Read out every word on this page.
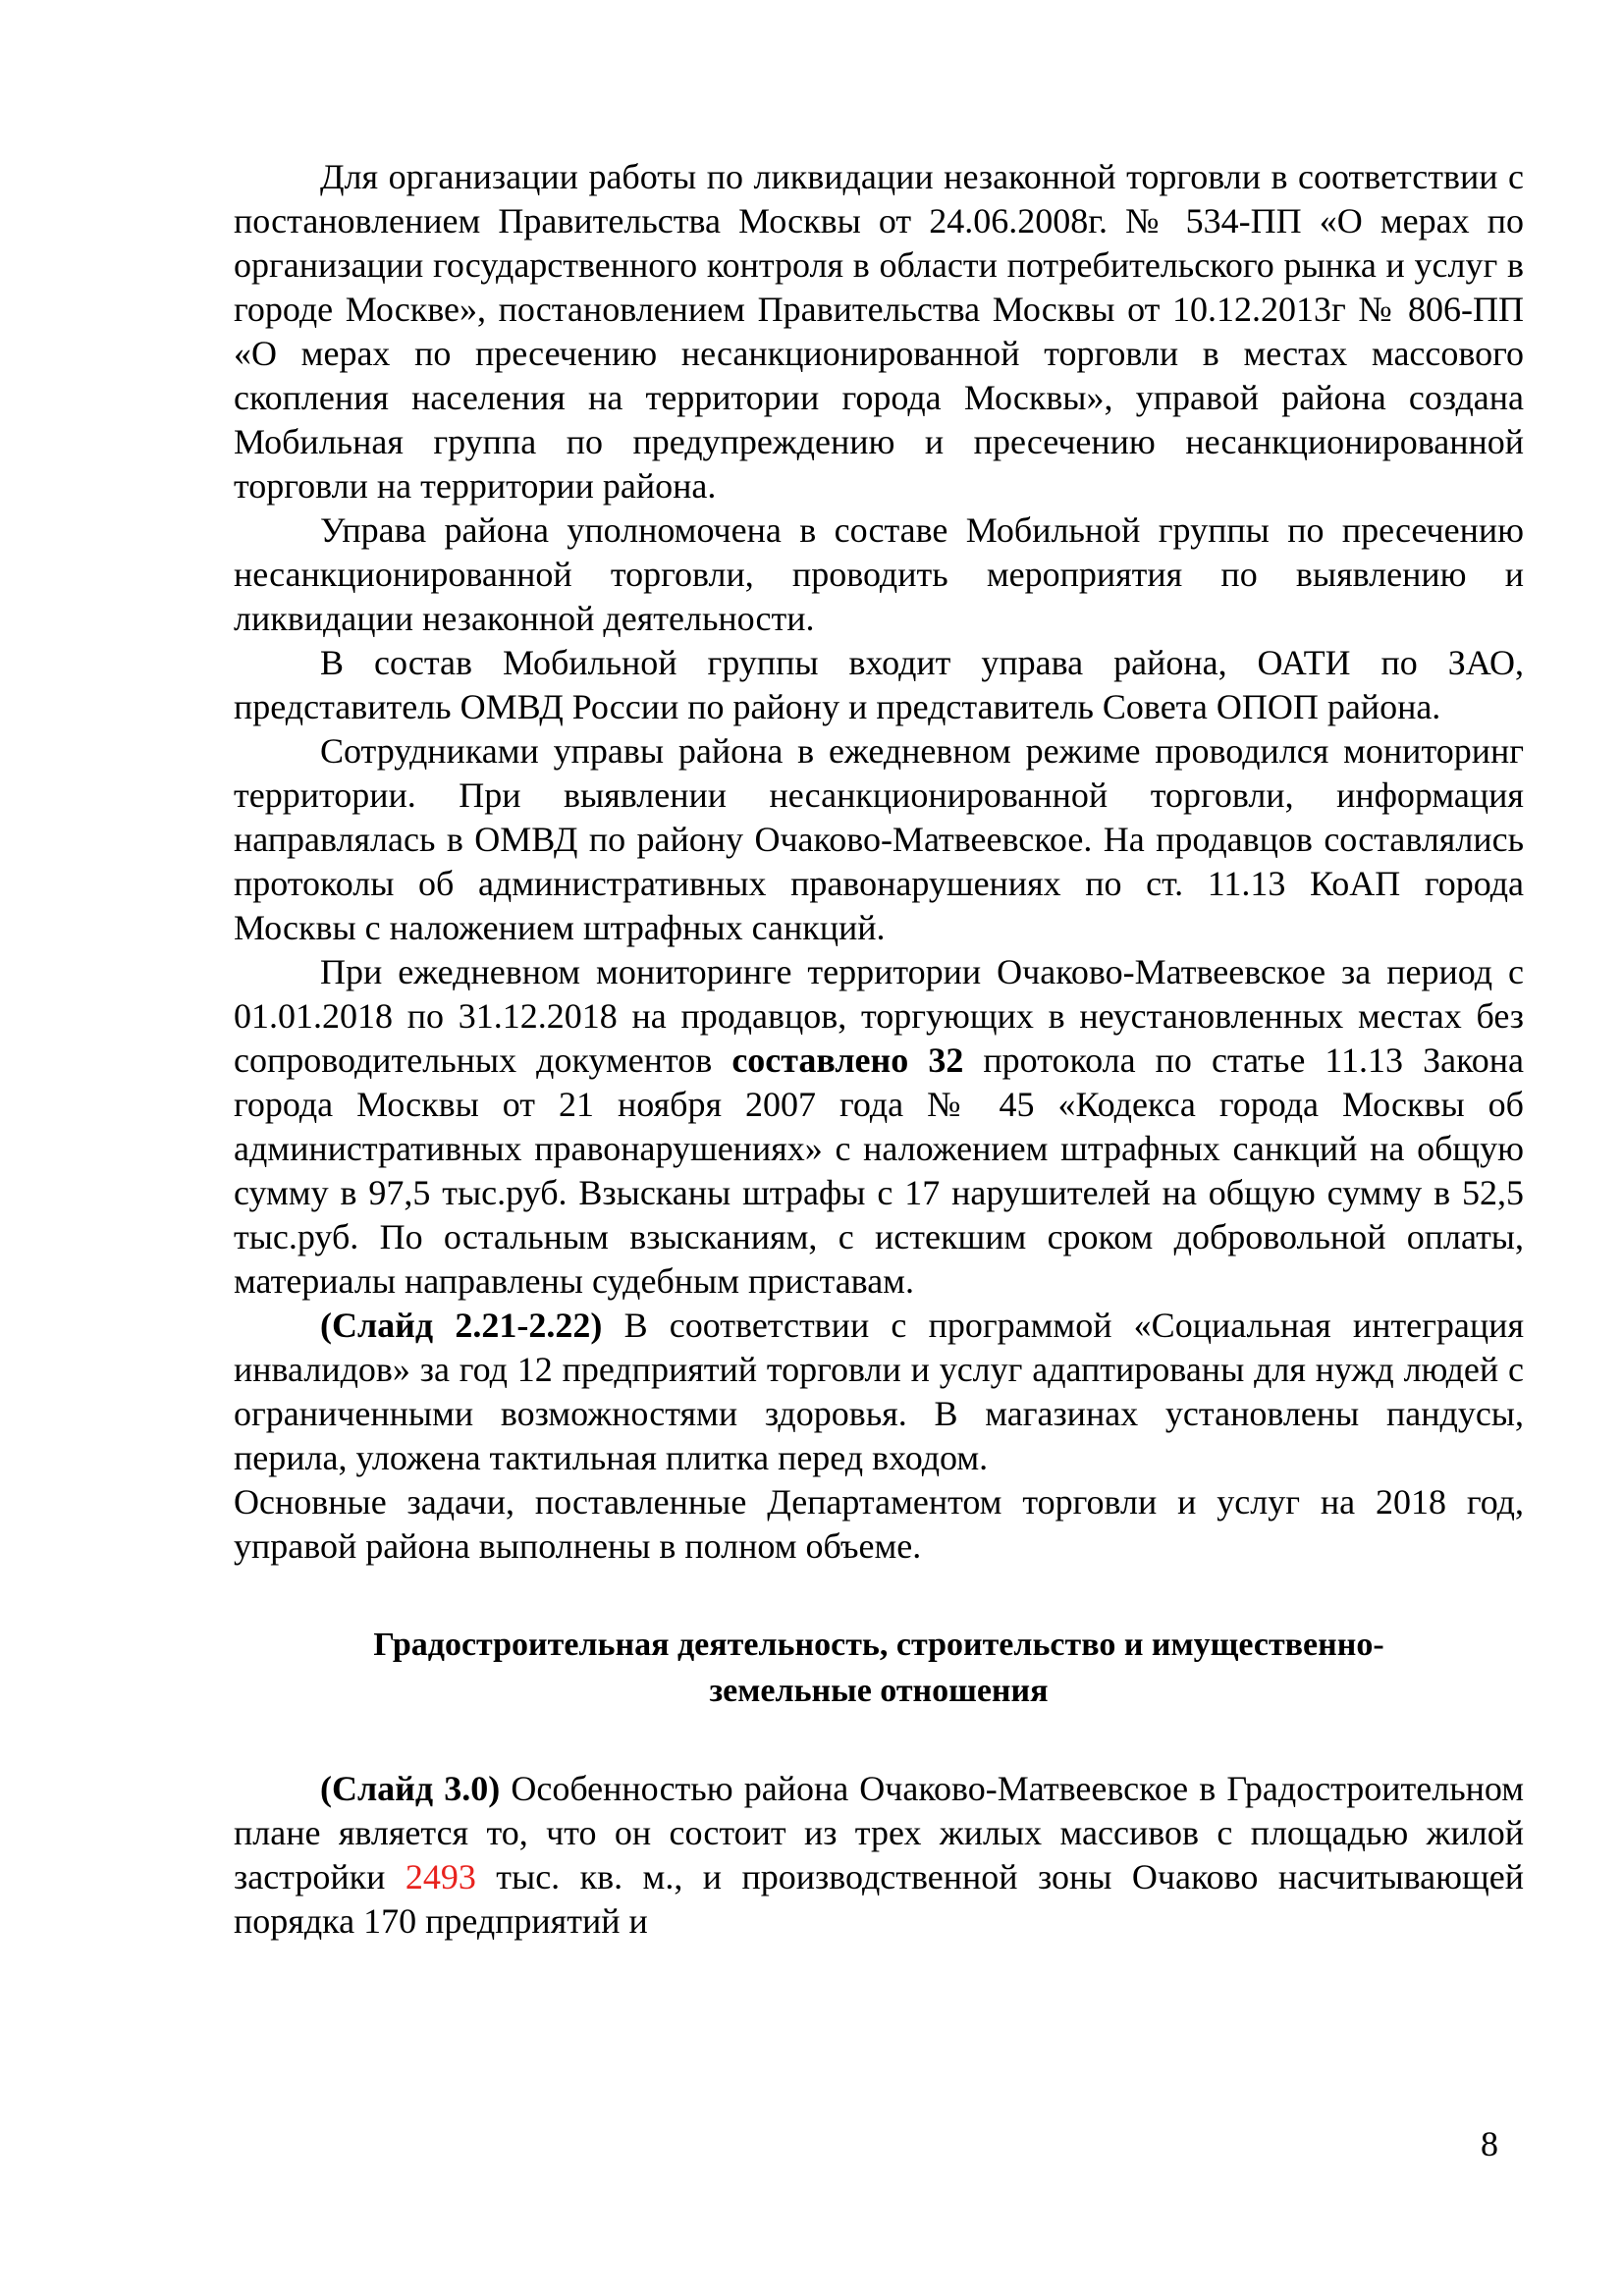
Для организации работы по ликвидации незаконной торговли в соответствии с постановлением Правительства Москвы от 24.06.2008г. № 534-ПП «О мерах по организации государственного контроля в области потребительского рынка и услуг в городе Москве», постановлением Правительства Москвы от 10.12.2013г № 806-ПП «О мерах по пресечению несанкционированной торговли в местах массового скопления населения на территории города Москвы», управой района создана Мобильная группа по предупреждению и пресечению несанкционированной торговли на территории района.

Управа района уполномочена в составе Мобильной группы по пресечению несанкционированной торговли, проводить мероприятия по выявлению и ликвидации незаконной деятельности.

В состав Мобильной группы входит управа района, ОАТИ по ЗАО, представитель ОМВД России по району и представитель Совета ОПОП района.

Сотрудниками управы района в ежедневном режиме проводился мониторинг территории. При выявлении несанкционированной торговли, информация направлялась в ОМВД по району Очаково-Матвеевское. На продавцов составлялись протоколы об административных правонарушениях по ст. 11.13 КоАП города Москвы с наложением штрафных санкций.

При ежедневном мониторинге территории Очаково-Матвеевское за период с 01.01.2018 по 31.12.2018 на продавцов, торгующих в неустановленных местах без сопроводительных документов составлено 32 протокола по статье 11.13 Закона города Москвы от 21 ноября 2007 года № 45 «Кодекса города Москвы об административных правонарушениях» с наложением штрафных санкций на общую сумму в 97,5 тыс.руб. Взысканы штрафы с 17 нарушителей на общую сумму в 52,5 тыс.руб. По остальным взысканиям, с истекшим сроком добровольной оплаты, материалы направлены судебным приставам.

(Слайд 2.21-2.22) В соответствии с программой «Социальная интеграция инвалидов» за год 12 предприятий торговли и услуг адаптированы для нужд людей с ограниченными возможностями здоровья. В магазинах установлены пандусы, перила, уложена тактильная плитка перед входом.

Основные задачи, поставленные Департаментом торговли и услуг на 2018 год, управой района выполнены в полном объеме.

Градостроительная деятельность, строительство и имущественно-
земельные отношения

(Слайд 3.0) Особенностью района Очаково-Матвеевское в Градостроительном плане является то, что он состоит из трех жилых массивов с площадью жилой застройки 2493 тыс. кв. м., и производственной зоны Очаково насчитывающей порядка 170 предприятий и

8
